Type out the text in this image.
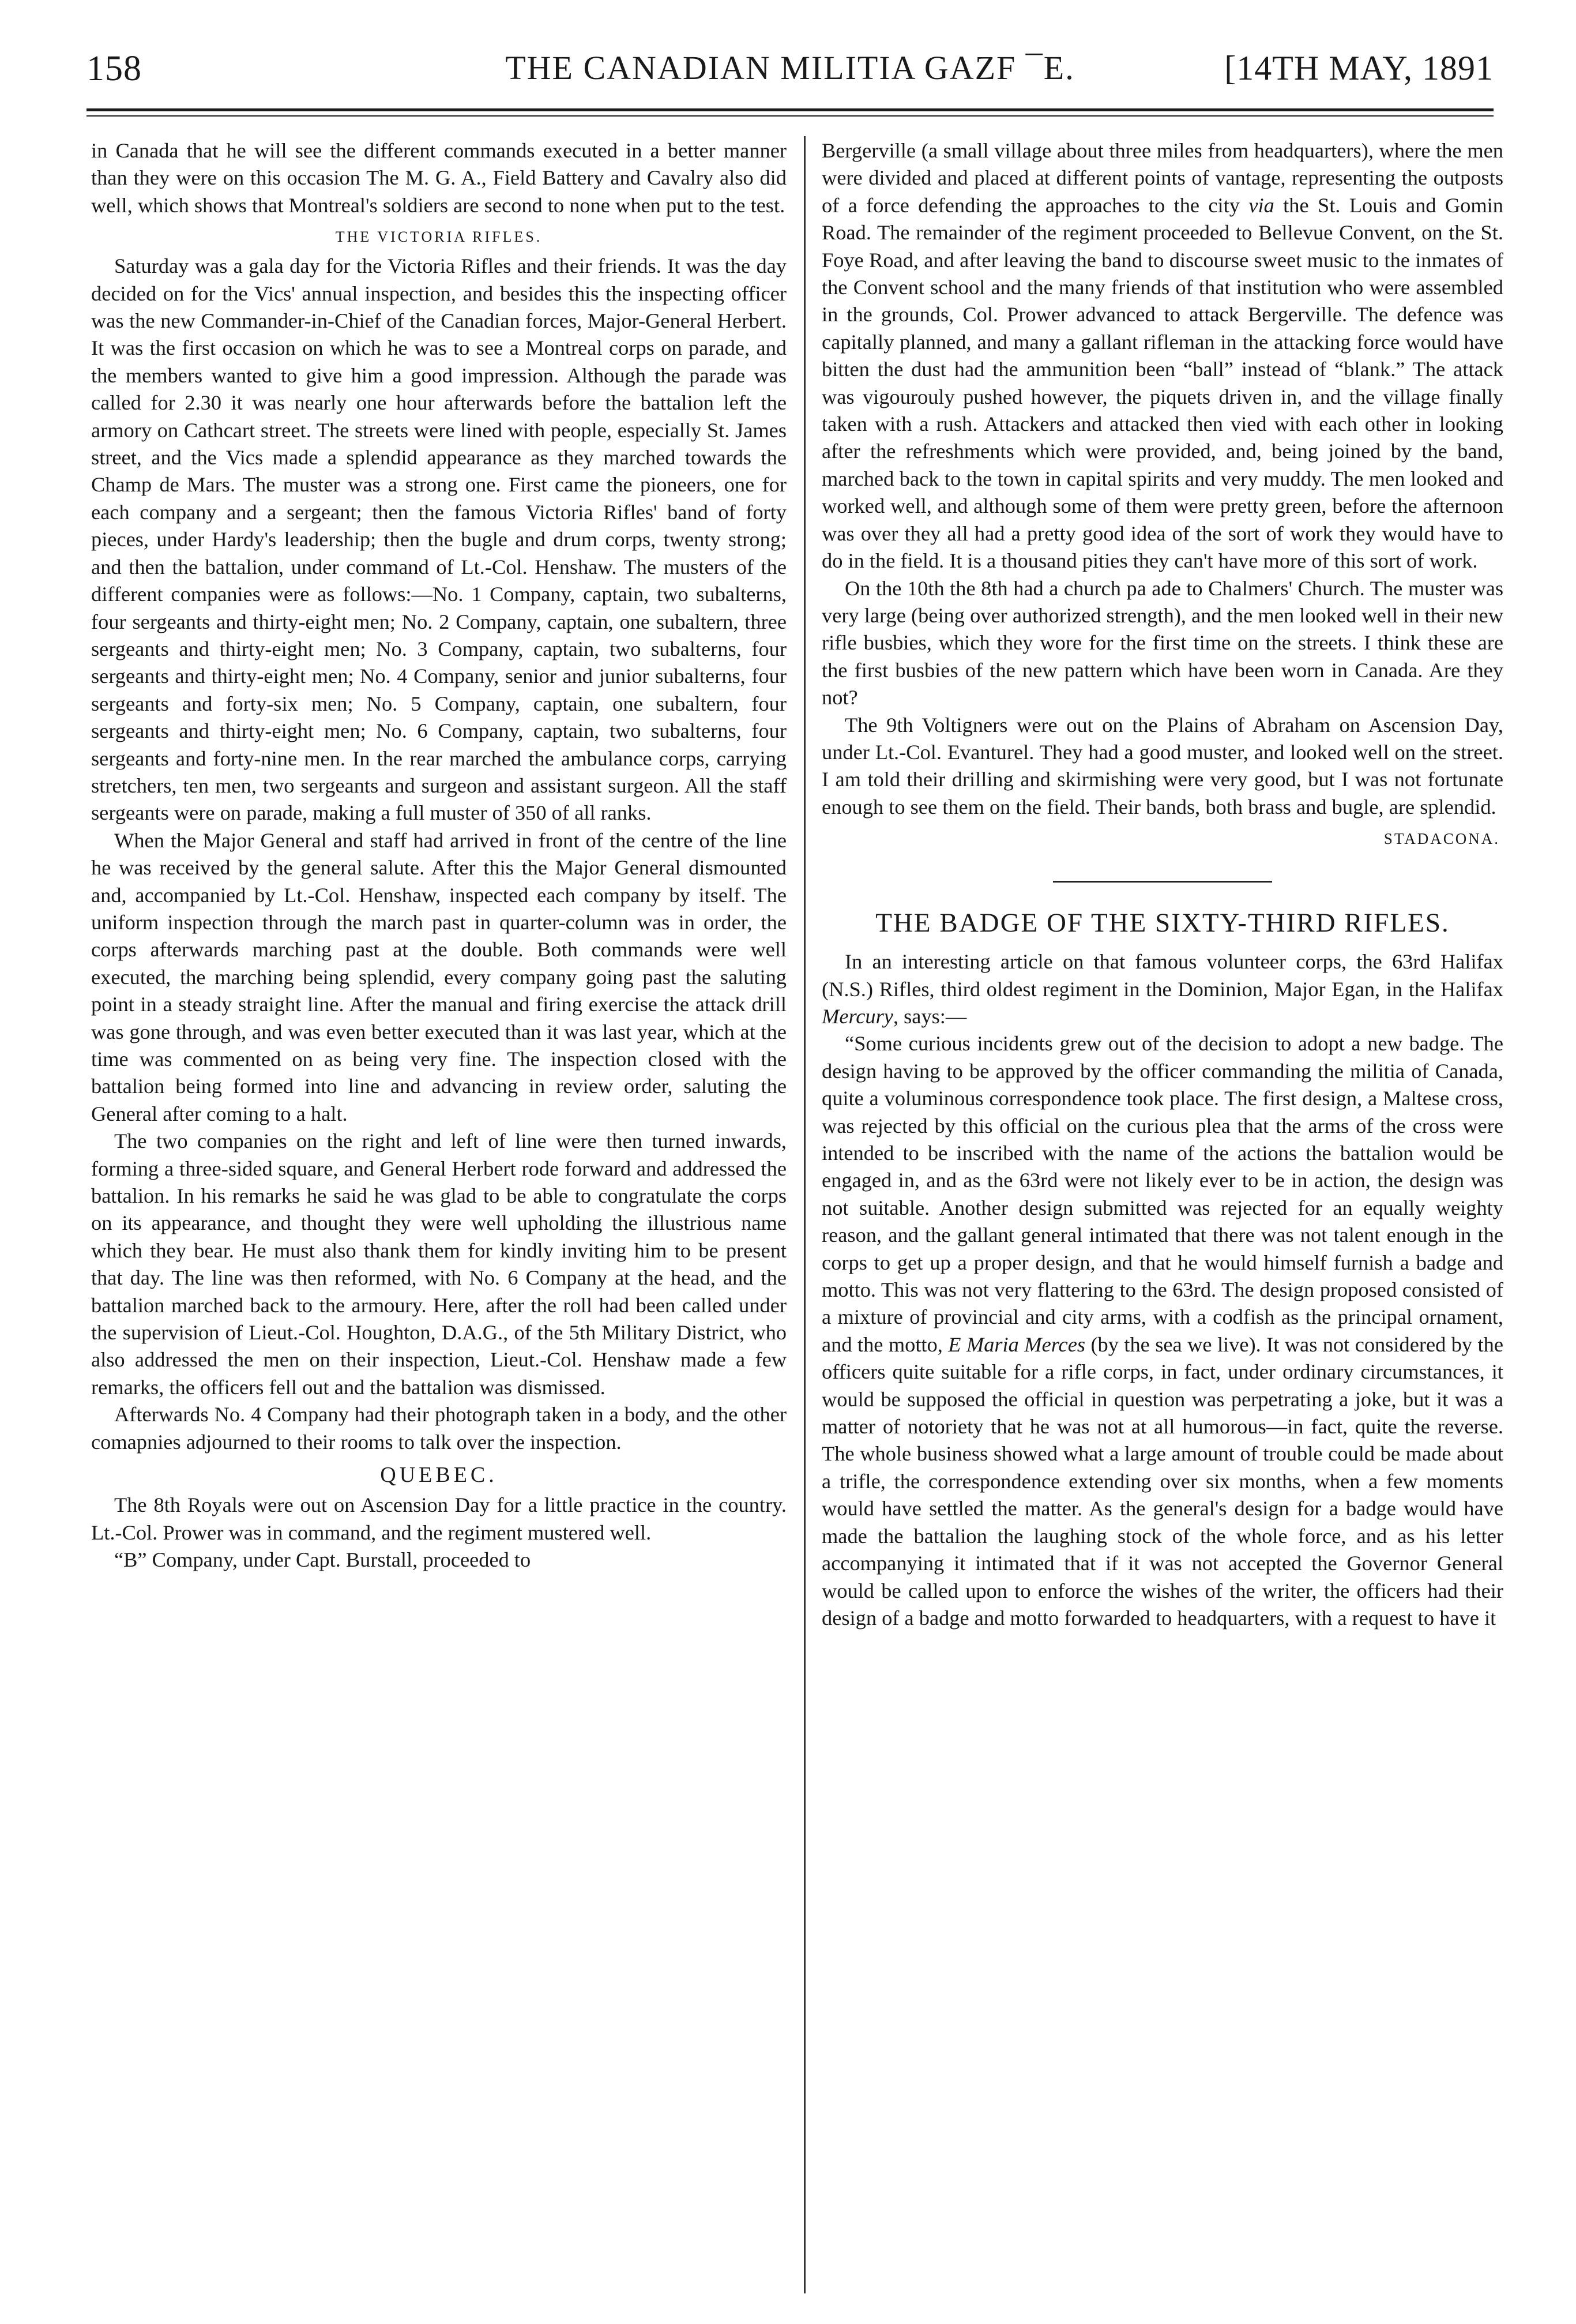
158	THE CANADIAN MILITIA GAZF ¯E.	[14TH MAY, 1891

in Canada that he will see the different commands executed in a better manner than they were on this occasion The M. G. A., Field Battery and Cavalry also did well, which shows that Montreal's soldiers are second to none when put to the test.

THE VICTORIA RIFLES.

Saturday was a gala day for the Victoria Rifles and their friends. It was the day decided on for the Vics' annual inspection, and besides this the inspecting officer was the new Commander-in-Chief of the Canadian forces, Major-General Herbert. It was the first occasion on which he was to see a Montreal corps on parade, and the members wanted to give him a good impression. Although the parade was called for 2.30 it was nearly one hour afterwards before the battalion left the armory on Cathcart street. The streets were lined with people, especially St. James street, and the Vics made a splendid appearance as they marched towards the Champ de Mars. The muster was a strong one. First came the pioneers, one for each company and a sergeant; then the famous Victoria Rifles' band of forty pieces, under Hardy's leadership; then the bugle and drum corps, twenty strong; and then the battalion, under command of Lt.-Col. Henshaw. The musters of the different companies were as follows:—No. 1 Company, captain, two subalterns, four sergeants and thirty-eight men; No. 2 Company, captain, one subaltern, three sergeants and thirty-eight men; No. 3 Company, captain, two subalterns, four sergeants and thirty-eight men; No. 4 Company, senior and junior subalterns, four sergeants and forty-six men; No. 5 Company, captain, one subaltern, four sergeants and thirty-eight men; No. 6 Company, captain, two subalterns, four sergeants and forty-nine men. In the rear marched the ambulance corps, carrying stretchers, ten men, two sergeants and surgeon and assistant surgeon. All the staff sergeants were on parade, making a full muster of 350 of all ranks.

When the Major General and staff had arrived in front of the centre of the line he was received by the general salute. After this the Major General dismounted and, accompanied by Lt.-Col. Henshaw, inspected each company by itself. The uniform inspection through the march past in quarter-column was in order, the corps afterwards marching past at the double. Both commands were well executed, the marching being splendid, every company going past the saluting point in a steady straight line. After the manual and firing exercise the attack drill was gone through, and was even better executed than it was last year, which at the time was commented on as being very fine. The inspection closed with the battalion being formed into line and advancing in review order, saluting the General after coming to a halt.

The two companies on the right and left of line were then turned inwards, forming a three-sided square, and General Herbert rode forward and addressed the battalion. In his remarks he said he was glad to be able to congratulate the corps on its appearance, and thought they were well upholding the illustrious name which they bear. He must also thank them for kindly inviting him to be present that day. The line was then reformed, with No. 6 Company at the head, and the battalion marched back to the armoury. Here, after the roll had been called under the supervision of Lieut.-Col. Houghton, D.A.G., of the 5th Military District, who also addressed the men on their inspection, Lieut.-Col. Henshaw made a few remarks, the officers fell out and the battalion was dismissed.

Afterwards No. 4 Company had their photograph taken in a body, and the other comapnies adjourned to their rooms to talk over the inspection.

QUEBEC.

The 8th Royals were out on Ascension Day for a little practice in the country. Lt.-Col. Prower was in command, and the regiment mustered well.

“B” Company, under Capt. Burstall, proceeded to

Bergerville (a small village about three miles from headquarters), where the men were divided and placed at different points of vantage, representing the outposts of a force defending the approaches to the city via the St. Louis and Gomin Road. The remainder of the regiment proceeded to Bellevue Convent, on the St. Foye Road, and after leaving the band to discourse sweet music to the inmates of the Convent school and the many friends of that institution who were assembled in the grounds, Col. Prower advanced to attack Bergerville. The defence was capitally planned, and many a gallant rifleman in the attacking force would have bitten the dust had the ammunition been “ball” instead of “blank.” The attack was vigourouly pushed however, the piquets driven in, and the village finally taken with a rush. Attackers and attacked then vied with each other in looking after the refreshments which were provided, and, being joined by the band, marched back to the town in capital spirits and very muddy. The men looked and worked well, and although some of them were pretty green, before the afternoon was over they all had a pretty good idea of the sort of work they would have to do in the field. It is a thousand pities they can't have more of this sort of work.

On the 10th the 8th had a church pa ade to Chalmers' Church. The muster was very large (being over authorized strength), and the men looked well in their new rifle busbies, which they wore for the first time on the streets. I think these are the first busbies of the new pattern which have been worn in Canada. Are they not?

The 9th Voltigners were out on the Plains of Abraham on Ascension Day, under Lt.-Col. Evanturel. They had a good muster, and looked well on the street. I am told their drilling and skirmishing were very good, but I was not fortunate enough to see them on the field. Their bands, both brass and bugle, are splendid.

STADACONA.
THE BADGE OF THE SIXTY-THIRD RIFLES.

In an interesting article on that famous volunteer corps, the 63rd Halifax (N.S.) Rifles, third oldest regiment in the Dominion, Major Egan, in the Halifax Mercury, says:—

“Some curious incidents grew out of the decision to adopt a new badge. The design having to be approved by the officer commanding the militia of Canada, quite a voluminous correspondence took place. The first design, a Maltese cross, was rejected by this official on the curious plea that the arms of the cross were intended to be inscribed with the name of the actions the battalion would be engaged in, and as the 63rd were not likely ever to be in action, the design was not suitable. Another design submitted was rejected for an equally weighty reason, and the gallant general intimated that there was not talent enough in the corps to get up a proper design, and that he would himself furnish a badge and motto. This was not very flattering to the 63rd. The design proposed consisted of a mixture of provincial and city arms, with a codfish as the principal ornament, and the motto, E Maria Merces (by the sea we live). It was not considered by the officers quite suitable for a rifle corps, in fact, under ordinary circumstances, it would be supposed the official in question was perpetrating a joke, but it was a matter of notoriety that he was not at all humorous—in fact, quite the reverse. The whole business showed what a large amount of trouble could be made about a trifle, the correspondence extending over six months, when a few moments would have settled the matter. As the general's design for a badge would have made the battalion the laughing stock of the whole force, and as his letter accompanying it intimated that if it was not accepted the Governor General would be called upon to enforce the wishes of the writer, the officers had their design of a badge and motto forwarded to headquarters, with a request to have it
